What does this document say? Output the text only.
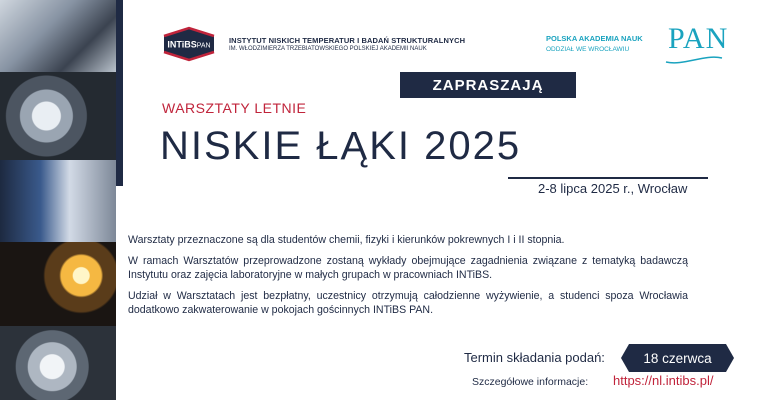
INTiBSPAN
INSTYTUT NISKICH TEMPERATUR I BADAŃ STRUKTURALNYCH
IM. WŁODZIMIERZA TRZEBIATOWSKIEGO POLSKIEJ AKADEMII NAUK
POLSKA AKADEMIA NAUK
ODDZIAŁ WE WROCŁAWIU PAN
ZAPRASZAJĄ
WARSZTATY LETNIE
NISKIE ŁĄKI 2025
2-8 lipca 2025 r., Wrocław

Warsztaty przeznaczone są dla studentów chemii, fizyki i kierunków pokrewnych I i II stopnia.

W ramach Warsztatów przeprowadzone zostaną wykłady obejmujące zagadnienia związane z tematyką badawczą Instytutu oraz zajęcia laboratoryjne w małych grupach w pracowniach INTiBS.

Udział w Warsztatach jest bezpłatny, uczestnicy otrzymują całodzienne wyżywienie, a studenci spoza Wrocławia dodatkowo zakwaterowanie w pokojach gościnnych INTiBS PAN.

Termin składania podań:	18 czerwca
Szczegółowe informacje: https://nl.intibs.pl/
